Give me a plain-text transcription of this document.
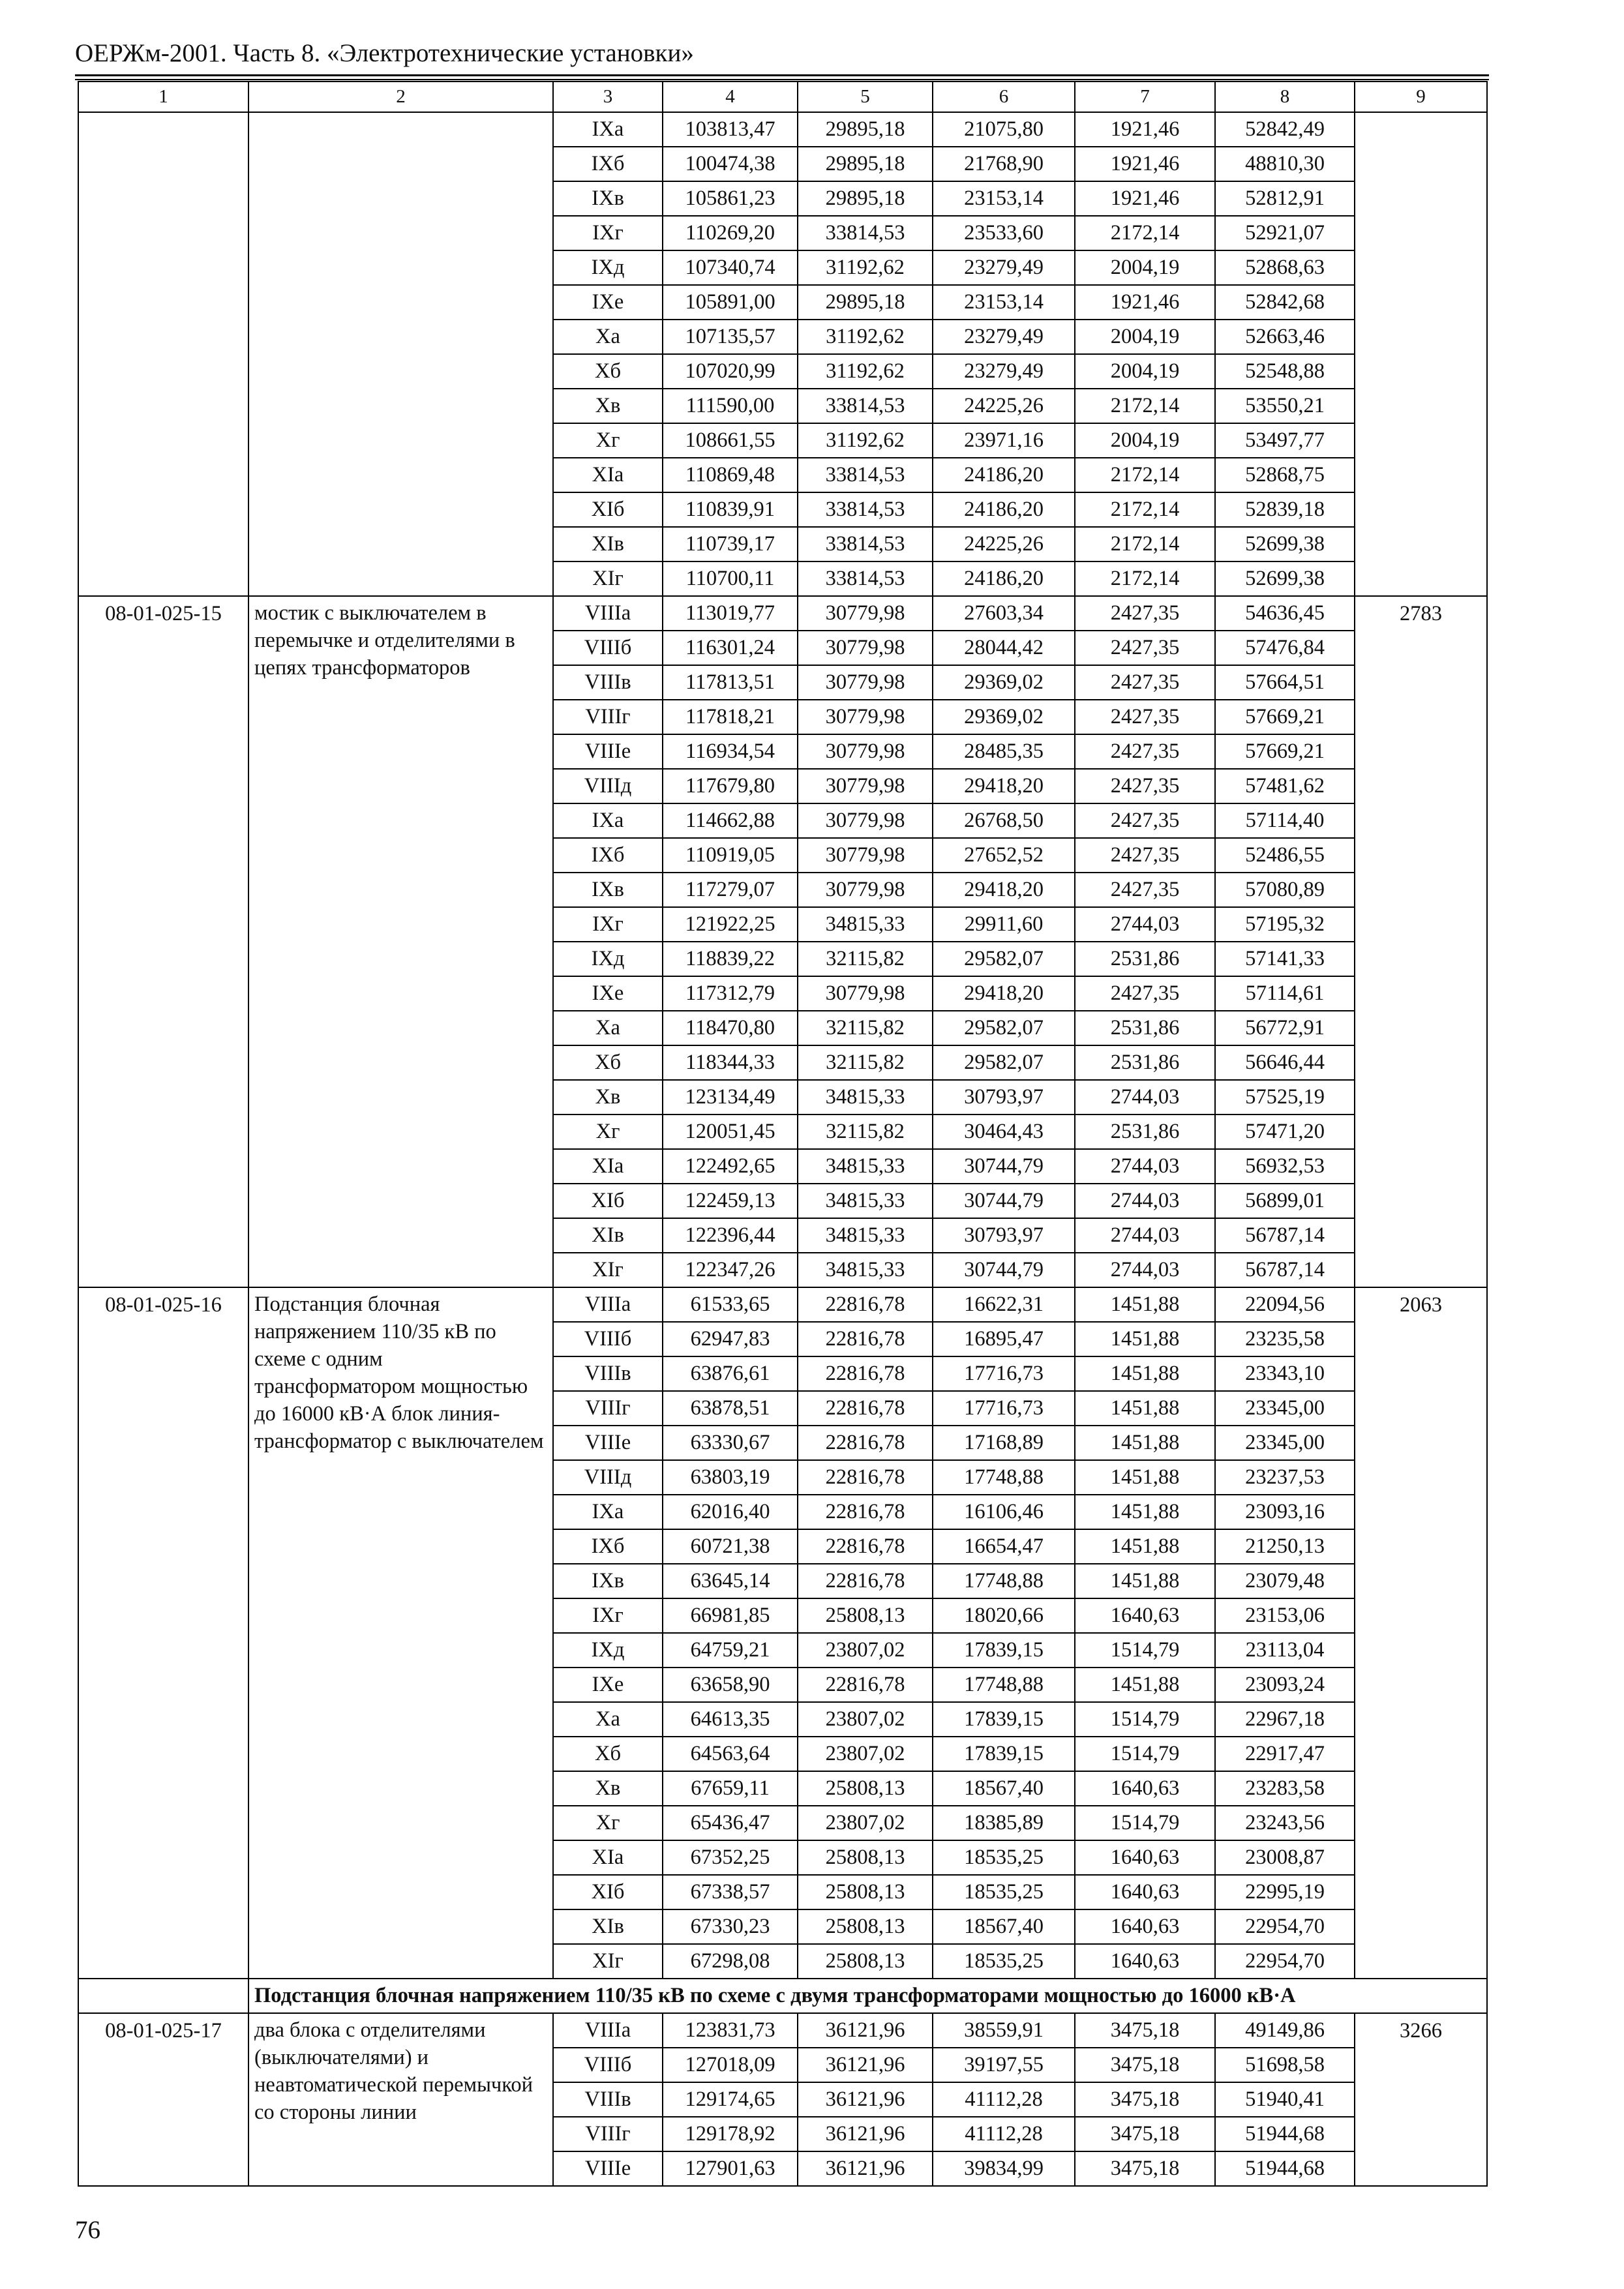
ОЕРЖм-2001. Часть 8. «Электротехнические установки»
1	2	3	4	5	6	7	8	9
		IXа	103813,47	29895,18	21075,80	1921,46	52842,49	
		IXб	100474,38	29895,18	21768,90	1921,46	48810,30	
		IXв	105861,23	29895,18	23153,14	1921,46	52812,91	
		IXг	110269,20	33814,53	23533,60	2172,14	52921,07	
		IXд	107340,74	31192,62	23279,49	2004,19	52868,63	
		IXе	105891,00	29895,18	23153,14	1921,46	52842,68	
		Xа	107135,57	31192,62	23279,49	2004,19	52663,46	
		Xб	107020,99	31192,62	23279,49	2004,19	52548,88	
		Xв	111590,00	33814,53	24225,26	2172,14	53550,21	
		Xг	108661,55	31192,62	23971,16	2004,19	53497,77	
		XIа	110869,48	33814,53	24186,20	2172,14	52868,75	
		XIб	110839,91	33814,53	24186,20	2172,14	52839,18	
		XIв	110739,17	33814,53	24225,26	2172,14	52699,38	
		XIг	110700,11	33814,53	24186,20	2172,14	52699,38	
08-01-025-15	мостик с выключателем в перемычке и отделителями в цепях трансформаторов	VIIIа	113019,77	30779,98	27603,34	2427,35	54636,45	2783
		VIIIб	116301,24	30779,98	28044,42	2427,35	57476,84	
		VIIIв	117813,51	30779,98	29369,02	2427,35	57664,51	
		VIIIг	117818,21	30779,98	29369,02	2427,35	57669,21	
		VIIIе	116934,54	30779,98	28485,35	2427,35	57669,21	
		VIIIд	117679,80	30779,98	29418,20	2427,35	57481,62	
		IXа	114662,88	30779,98	26768,50	2427,35	57114,40	
		IXб	110919,05	30779,98	27652,52	2427,35	52486,55	
		IXв	117279,07	30779,98	29418,20	2427,35	57080,89	
		IXг	121922,25	34815,33	29911,60	2744,03	57195,32	
		IXд	118839,22	32115,82	29582,07	2531,86	57141,33	
		IXе	117312,79	30779,98	29418,20	2427,35	57114,61	
		Xа	118470,80	32115,82	29582,07	2531,86	56772,91	
		Xб	118344,33	32115,82	29582,07	2531,86	56646,44	
		Xв	123134,49	34815,33	30793,97	2744,03	57525,19	
		Xг	120051,45	32115,82	30464,43	2531,86	57471,20	
		XIа	122492,65	34815,33	30744,79	2744,03	56932,53	
		XIб	122459,13	34815,33	30744,79	2744,03	56899,01	
		XIв	122396,44	34815,33	30793,97	2744,03	56787,14	
		XIг	122347,26	34815,33	30744,79	2744,03	56787,14	
08-01-025-16	Подстанция блочная напряжением 110/35 кВ по схеме с одним трансформатором мощностью до 16000 кВ·А блок линия-трансформатор с выключателем	VIIIа	61533,65	22816,78	16622,31	1451,88	22094,56	2063
		VIIIб	62947,83	22816,78	16895,47	1451,88	23235,58	
		VIIIв	63876,61	22816,78	17716,73	1451,88	23343,10	
		VIIIг	63878,51	22816,78	17716,73	1451,88	23345,00	
		VIIIе	63330,67	22816,78	17168,89	1451,88	23345,00	
		VIIIд	63803,19	22816,78	17748,88	1451,88	23237,53	
		IXа	62016,40	22816,78	16106,46	1451,88	23093,16	
		IXб	60721,38	22816,78	16654,47	1451,88	21250,13	
		IXв	63645,14	22816,78	17748,88	1451,88	23079,48	
		IXг	66981,85	25808,13	18020,66	1640,63	23153,06	
		IXд	64759,21	23807,02	17839,15	1514,79	23113,04	
		IXе	63658,90	22816,78	17748,88	1451,88	23093,24	
		Xа	64613,35	23807,02	17839,15	1514,79	22967,18	
		Xб	64563,64	23807,02	17839,15	1514,79	22917,47	
		Xв	67659,11	25808,13	18567,40	1640,63	23283,58	
		Xг	65436,47	23807,02	18385,89	1514,79	23243,56	
		XIа	67352,25	25808,13	18535,25	1640,63	23008,87	
		XIб	67338,57	25808,13	18535,25	1640,63	22995,19	
		XIв	67330,23	25808,13	18567,40	1640,63	22954,70	
		XIг	67298,08	25808,13	18535,25	1640,63	22954,70	
	Подстанция блочная напряжением 110/35 кВ по схеме с двумя трансформаторами мощностью до 16000 кВ·А							
08-01-025-17	два блока с отделителями (выключателями) и неавтоматической перемычкой со стороны линии	VIIIа	123831,73	36121,96	38559,91	3475,18	49149,86	3266
		VIIIб	127018,09	36121,96	39197,55	3475,18	51698,58	
		VIIIв	129174,65	36121,96	41112,28	3475,18	51940,41	
		VIIIг	129178,92	36121,96	41112,28	3475,18	51944,68	
		VIIIе	127901,63	36121,96	39834,99	3475,18	51944,68	
76
